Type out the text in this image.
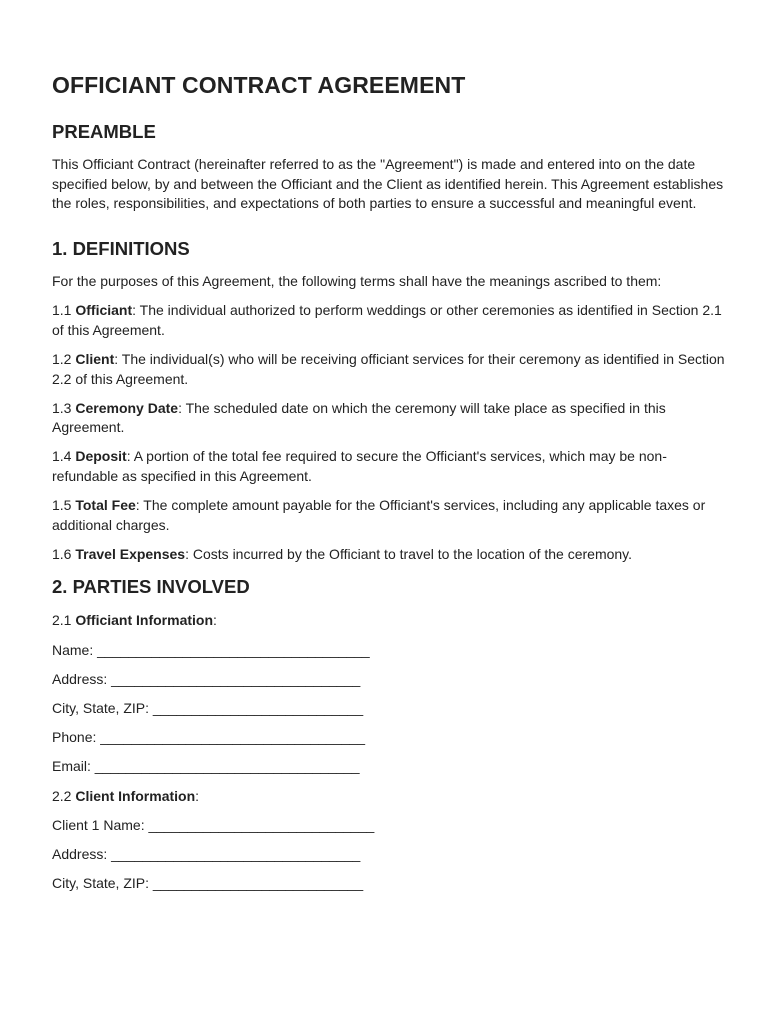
OFFICIANT CONTRACT AGREEMENT
PREAMBLE

This Officiant Contract (hereinafter referred to as the "Agreement") is made and entered into on the date specified below, by and between the Officiant and the Client as identified herein. This Agreement establishes the roles, responsibilities, and expectations of both parties to ensure a successful and meaningful event.

1. DEFINITIONS

For the purposes of this Agreement, the following terms shall have the meanings ascribed to them:

1.1 Officiant: The individual authorized to perform weddings or other ceremonies as identified in Section 2.1 of this Agreement.

1.2 Client: The individual(s) who will be receiving officiant services for their ceremony as identified in Section 2.2 of this Agreement.

1.3 Ceremony Date: The scheduled date on which the ceremony will take place as specified in this Agreement.

1.4 Deposit: A portion of the total fee required to secure the Officiant's services, which may be non-refundable as specified in this Agreement.

1.5 Total Fee: The complete amount payable for the Officiant's services, including any applicable taxes or additional charges.

1.6 Travel Expenses: Costs incurred by the Officiant to travel to the location of the ceremony.

2. PARTIES INVOLVED

2.1 Officiant Information:

Name: ___________________________________

Address: ________________________________

City, State, ZIP: ___________________________

Phone: __________________________________

Email: __________________________________

2.2 Client Information:

Client 1 Name: _____________________________

Address: ________________________________

City, State, ZIP: ___________________________
